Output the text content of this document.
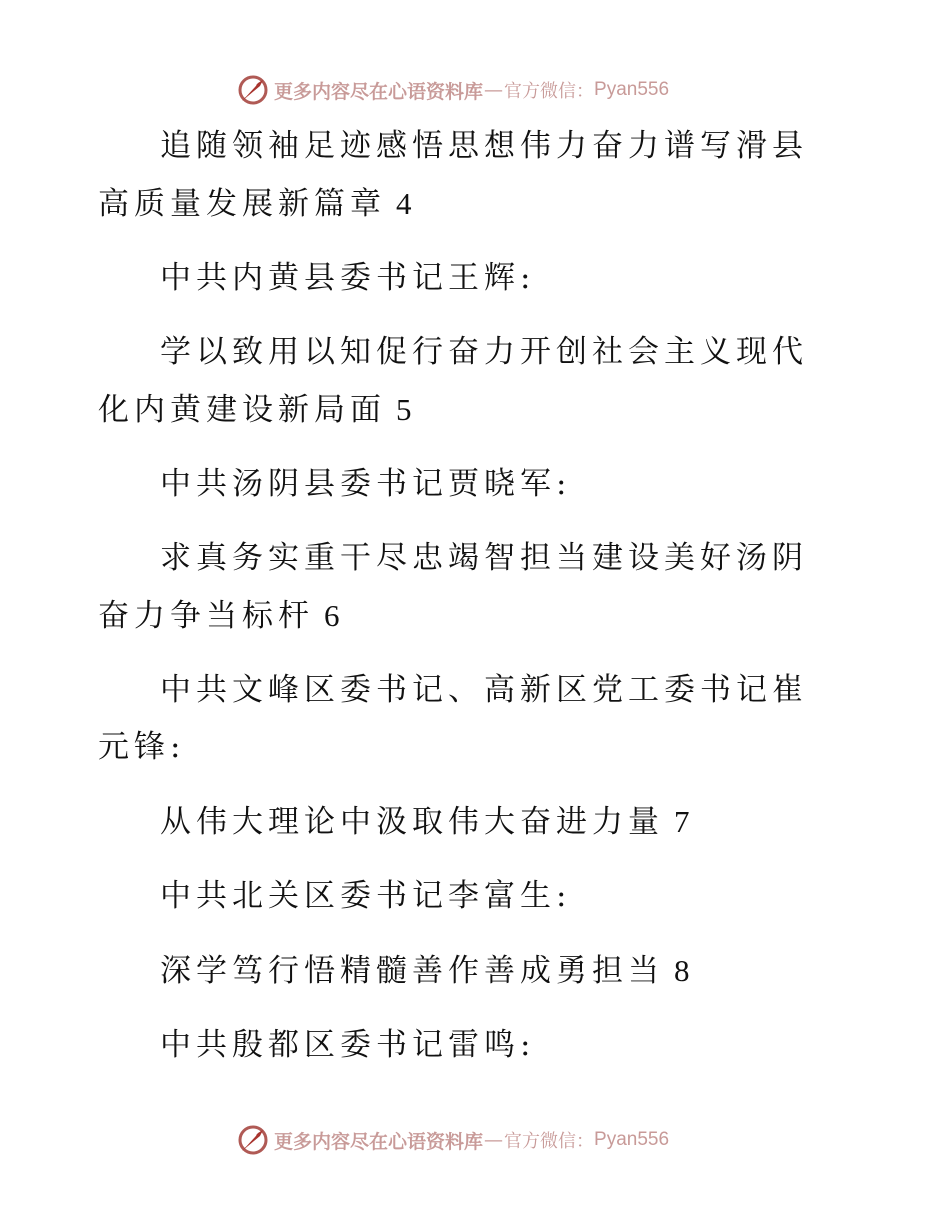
更多内容尽在心语资料库 — 官方微信： Pyan556

追随领袖足迹感悟思想伟力奋力谱写滑县高质量发展新篇章 4

中共内黄县委书记王辉:

学以致用以知促行奋力开创社会主义现代化内黄建设新局面 5

中共汤阴县委书记贾晓军:

求真务实重干尽忠竭智担当建设美好汤阴奋力争当标杆 6

中共文峰区委书记、高新区党工委书记崔元锋:

从伟大理论中汲取伟大奋进力量 7

中共北关区委书记李富生:

深学笃行悟精髓善作善成勇担当 8

中共殷都区委书记雷鸣:

更多内容尽在心语资料库 — 官方微信： Pyan556
